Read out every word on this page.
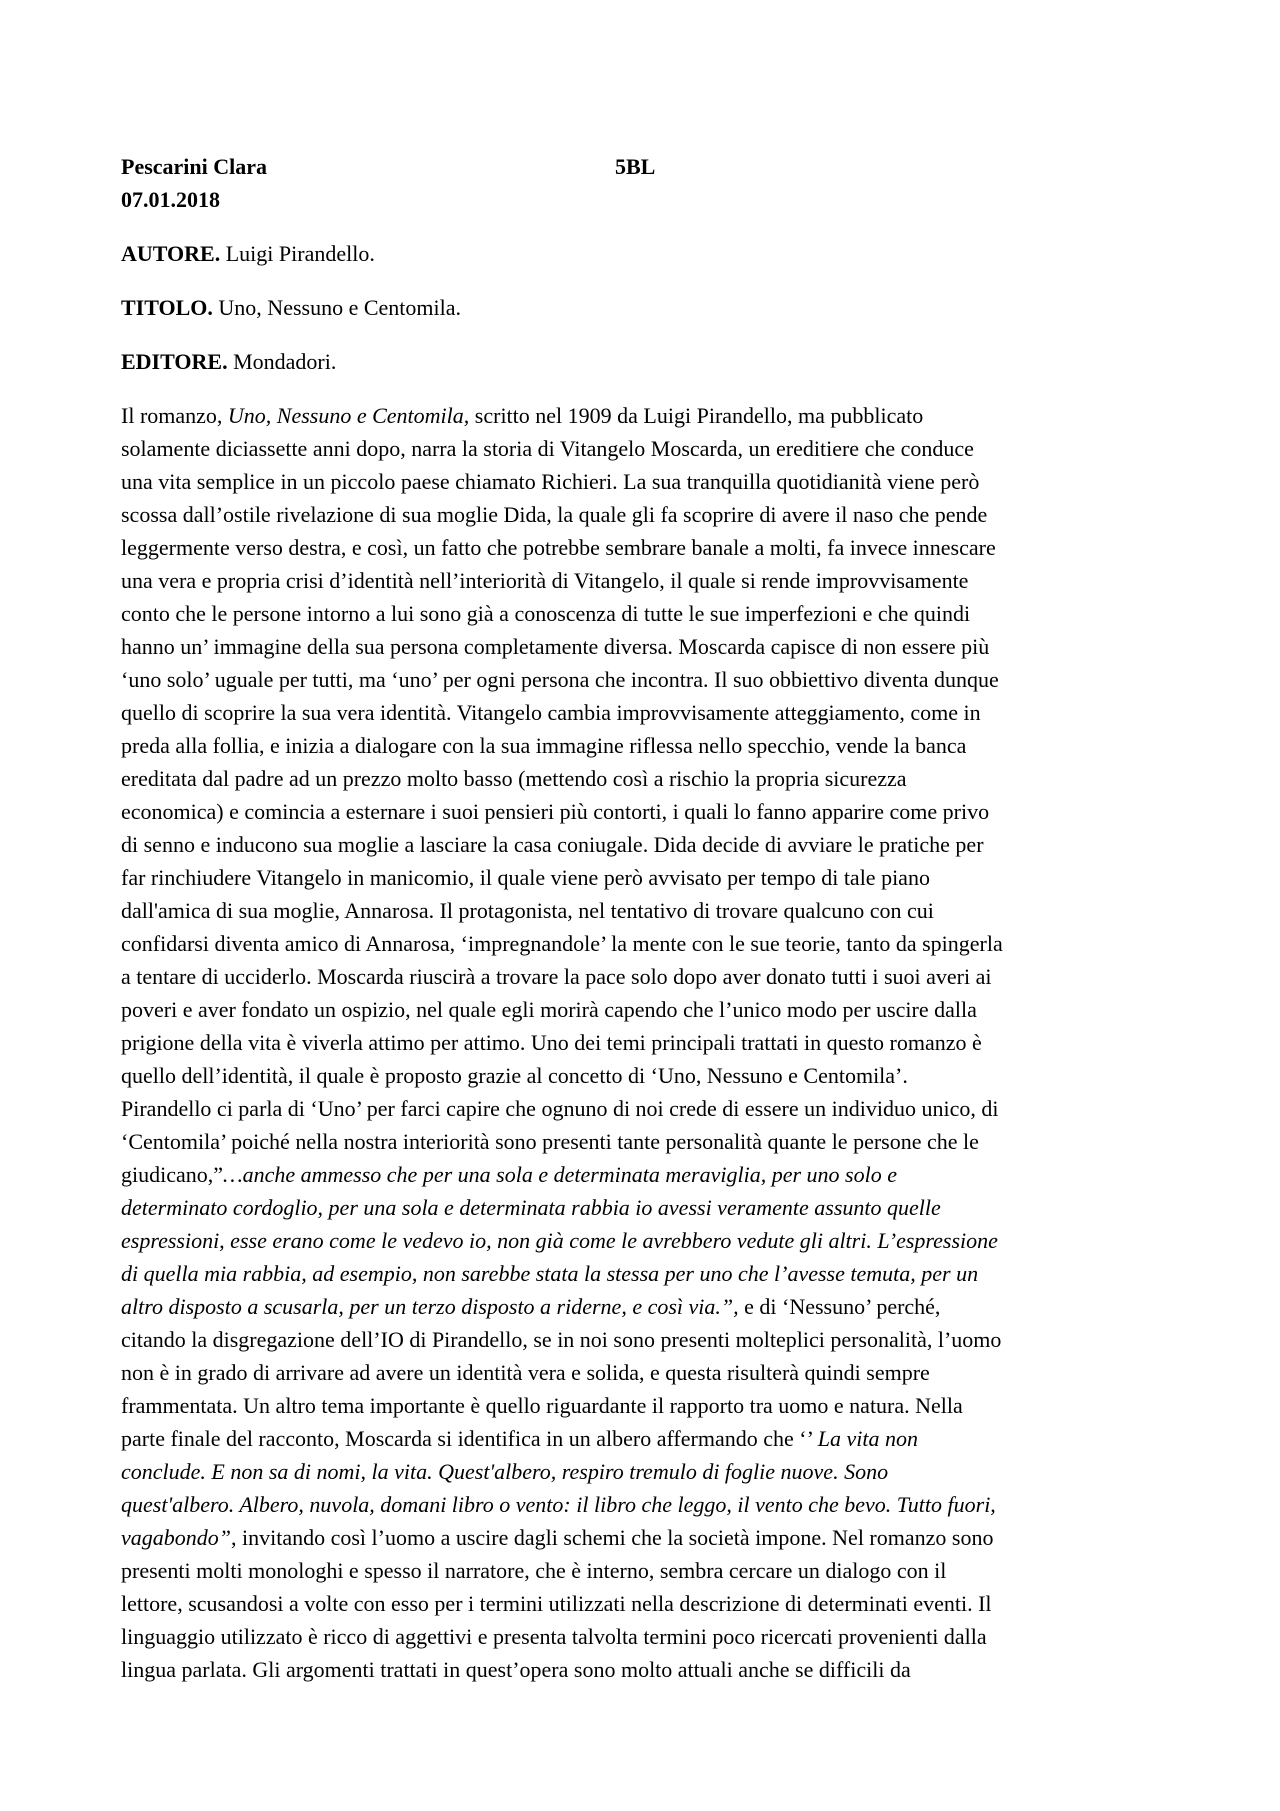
Pescarini Clara	5BL
07.01.2018
AUTORE. Luigi Pirandello.
TITOLO. Uno, Nessuno e Centomila.
EDITORE. Mondadori.
Il romanzo, Uno, Nessuno e Centomila, scritto nel 1909 da Luigi Pirandello, ma pubblicato
solamente diciassette anni dopo, narra la storia di Vitangelo Moscarda, un ereditiere che conduce
una vita semplice in un piccolo paese chiamato Richieri. La sua tranquilla quotidianità viene però
scossa dall’ostile rivelazione di sua moglie Dida, la quale gli fa scoprire di avere il naso che pende
leggermente verso destra, e così, un fatto che potrebbe sembrare banale a molti, fa invece innescare
una vera e propria crisi d’identità nell’interiorità di Vitangelo, il quale si rende improvvisamente
conto che le persone intorno a lui sono già a conoscenza di tutte le sue imperfezioni e che quindi
hanno un’ immagine della sua persona completamente diversa. Moscarda capisce di non essere più
‘uno solo’ uguale per tutti, ma ‘uno’ per ogni persona che incontra. Il suo obbiettivo diventa dunque
quello di scoprire la sua vera identità. Vitangelo cambia improvvisamente atteggiamento, come in
preda alla follia, e inizia a dialogare con la sua immagine riflessa nello specchio, vende la banca
ereditata dal padre ad un prezzo molto basso (mettendo così a rischio la propria sicurezza
economica) e comincia a esternare i suoi pensieri più contorti, i quali lo fanno apparire come privo
di senno e inducono sua moglie a lasciare la casa coniugale. Dida decide di avviare le pratiche per
far rinchiudere Vitangelo in manicomio, il quale viene però avvisato per tempo di tale piano
dall'amica di sua moglie, Annarosa. Il protagonista, nel tentativo di trovare qualcuno con cui
confidarsi diventa amico di Annarosa, ‘impregnandole’ la mente con le sue teorie, tanto da spingerla
a tentare di ucciderlo. Moscarda riuscirà a trovare la pace solo dopo aver donato tutti i suoi averi ai
poveri e aver fondato un ospizio, nel quale egli morirà capendo che l’unico modo per uscire dalla
prigione della vita è viverla attimo per attimo. Uno dei temi principali trattati in questo romanzo è
quello dell’identità, il quale è proposto grazie al concetto di ‘Uno, Nessuno e Centomila’.
Pirandello ci parla di ‘Uno’ per farci capire che ognuno di noi crede di essere un individuo unico, di
‘Centomila’ poiché nella nostra interiorità sono presenti tante personalità quante le persone che le
giudicano,”…anche ammesso che per una sola e determinata meraviglia, per uno solo e
determinato cordoglio, per una sola e determinata rabbia io avessi veramente assunto quelle
espressioni, esse erano come le vedevo io, non già come le avrebbero vedute gli altri. L’espressione
di quella mia rabbia, ad esempio, non sarebbe stata la stessa per uno che l’avesse temuta, per un
altro disposto a scusarla, per un terzo disposto a riderne, e così via.”, e di ‘Nessuno’ perché,
citando la disgregazione dell’IO di Pirandello, se in noi sono presenti molteplici personalità, l’uomo
non è in grado di arrivare ad avere un identità vera e solida, e questa risulterà quindi sempre
frammentata. Un altro tema importante è quello riguardante il rapporto tra uomo e natura. Nella
parte finale del racconto, Moscarda si identifica in un albero affermando che ‘’ La vita non
conclude. E non sa di nomi, la vita. Quest'albero, respiro tremulo di foglie nuove. Sono
quest'albero. Albero, nuvola, domani libro o vento: il libro che leggo, il vento che bevo. Tutto fuori,
vagabondo”, invitando così l’uomo a uscire dagli schemi che la società impone. Nel romanzo sono
presenti molti monologhi e spesso il narratore, che è interno, sembra cercare un dialogo con il
lettore, scusandosi a volte con esso per i termini utilizzati nella descrizione di determinati eventi. Il
linguaggio utilizzato è ricco di aggettivi e presenta talvolta termini poco ricercati provenienti dalla
lingua parlata. Gli argomenti trattati in quest’opera sono molto attuali anche se difficili da
